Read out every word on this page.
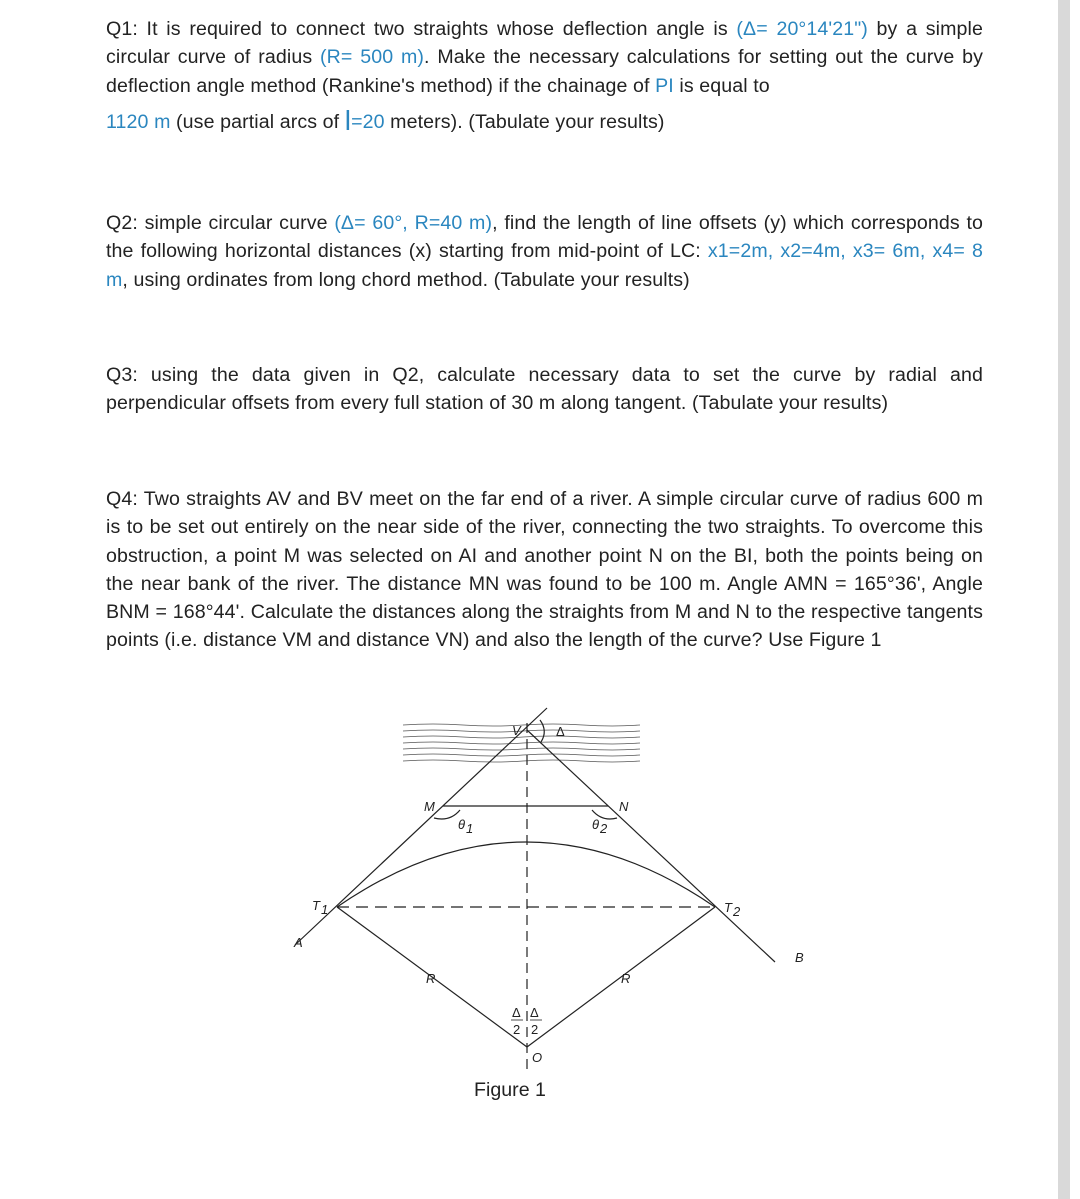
Q1: It is required to connect two straights whose deflection angle is (Δ= 20°14'21") by a simple circular curve of radius (R= 500 m). Make the necessary calculations for setting out the curve by deflection angle method (Rankine's method) if the chainage of PI is equal to
1120 m (use partial arcs of l=20 meters). (Tabulate your results)
Q2: simple circular curve (Δ= 60°, R=40 m), find the length of line offsets (y) which corresponds to the following horizontal distances (x) starting from mid-point of LC: x1=2m, x2=4m, x3= 6m, x4= 8 m, using ordinates from long chord method. (Tabulate your results)
Q3: using the data given in Q2, calculate necessary data to set the curve by radial and perpendicular offsets from every full station of 30 m along tangent. (Tabulate your results)
Q4: Two straights AV and BV meet on the far end of a river. A simple circular curve of radius 600 m is to be set out entirely on the near side of the river, connecting the two straights. To overcome this obstruction, a point M was selected on AI and another point N on the BI, both the points being on the near bank of the river. The distance MN was found to be 100 m. Angle AMN = 165°36', Angle BNM = 168°44'. Calculate the distances along the straights from M and N to the respective tangents points (i.e. distance VM and distance VN) and also the length of the curve? Use Figure 1
V	Δ
M	N
θ 1	θ 2
T 1	T 2
A
B
R	R
Δ
2
Δ
2
O
Figure 1
